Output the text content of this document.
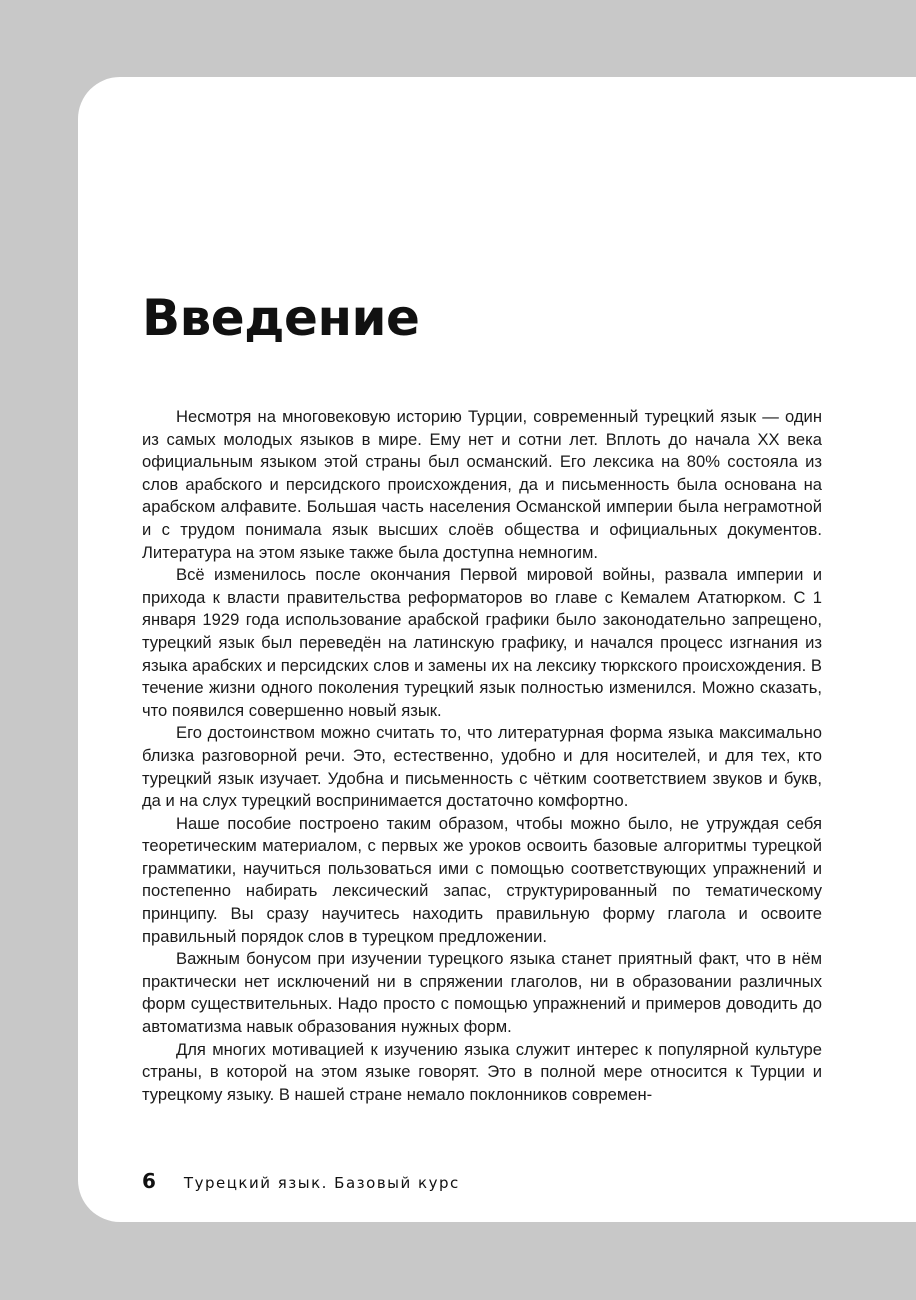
Введение

Несмотря на многовековую историю Турции, современный турецкий язык — один из самых молодых языков в мире. Ему нет и сотни лет. Вплоть до начала XX века официальным языком этой страны был османский. Его лексика на 80% состояла из слов арабского и персидского происхождения, да и письменность была основана на арабском алфавите. Большая часть населения Османской империи была неграмотной и с трудом понимала язык высших слоёв общества и официальных документов. Литература на этом языке также была доступна немногим.

Всё изменилось после окончания Первой мировой войны, развала империи и прихода к власти правительства реформаторов во главе с Кемалем Ататюрком. С 1 января 1929 года использование арабской графики было законодательно запрещено, турецкий язык был переведён на латинскую графику, и начался процесс изгнания из языка арабских и персидских слов и замены их на лексику тюркского происхождения. В течение жизни одного поколения турецкий язык полностью изменился. Можно сказать, что появился совершенно новый язык.

Его достоинством можно считать то, что литературная форма языка максимально близка разговорной речи. Это, естественно, удобно и для носителей, и для тех, кто турецкий язык изучает. Удобна и письменность с чётким соответствием звуков и букв, да и на слух турецкий воспринимается достаточно комфортно.

Наше пособие построено таким образом, чтобы можно было, не утруждая себя теоретическим материалом, с первых же уроков освоить базовые алгоритмы турецкой грамматики, научиться пользоваться ими с помощью соответствующих упражнений и постепенно набирать лексический запас, структурированный по тематическому принципу. Вы сразу научитесь находить правильную форму глагола и освоите правильный порядок слов в турецком предложении.

Важным бонусом при изучении турецкого языка станет приятный факт, что в нём практически нет исключений ни в спряжении глаголов, ни в образовании различных форм существительных. Надо просто с помощью упражнений и примеров доводить до автоматизма навык образования нужных форм.

Для многих мотивацией к изучению языка служит интерес к популярной культуре страны, в которой на этом языке говорят. Это в полной мере относится к Турции и турецкому языку. В нашей стране немало поклонников современ-

6 Турецкий язык. Базовый курс
